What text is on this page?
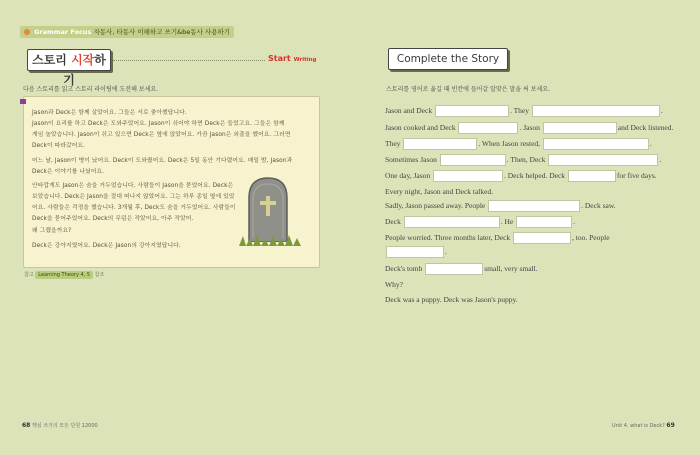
Grammar Focus 자동사, 타동사 이해하고 쓰기&be동사 사용하기
스토리 시작하기
Start Writing
다음 스토리를 읽고 스토리 라이팅에 도전해 보세요.
Jason과 Deck은 함께 살았어요. 그들은 서로 좋아했답니다.
Jason이 요리를 하고 Deck은 도와주었어요. Jason이 쉬어야 하면 Deck은 들었고요. 그들은 함께
게임 놀았습니다. Jason이 쉬고 있으면 Deck은 옆에 앉았어요. 가끔 Jason은 외출을 했어요. 그러면
Deck이 따라갔어요.
어느 날, Jason이 병이 났어요. Deck이 도와줬어요. Deck은 5일 동안 기다렸어요. 매일 밤, Jason과
Deck은 이야기를 나눴어요.
안타깝게도 Jason은 숨을 거두었습니다. 사람들이 Jason을 묻었어요. Deck은
보았습니다. Deck은 Jason을 절대 떠나지 않았어요. 그는 하루 종일 옆에 있었
어요. 사람들은 걱정을 했습니다. 3개월 후, Deck도 숨을 거두었어요. 사람들이
Deck을 묻어주었어요. Deck의 무덤은 작았어요, 아주 작았어.
왜 그랬을까요?
Deck은 강아지였어요. Deck은 Jason의 강아지였답니다.
참고 Learning Theory 4, 5 참조
68 핵심 쓰기의 모든 단원 12000
Complete the Story
스토리를 영어로 옮길 때 빈칸에 들어갈 알맞은 말을 써 보세요.
Jason and Deck	. They	.
Jason cooked and Deck	. Jason	and Deck listened.
They	. When Jason rested,	.
Sometimes Jason	. Then, Deck	.
One day, Jason	. Deck helped. Deck	for five days.
Every night, Jason and Deck talked.
Sadly, Jason passed away. People	. Deck saw.
Deck	. He	.
People worried. Three months later, Deck	, too. People
.
Deck's tomb	small, very small.
Why?
Deck was a puppy. Deck was Jason's puppy.
Unit 4. what is Deck? 69
